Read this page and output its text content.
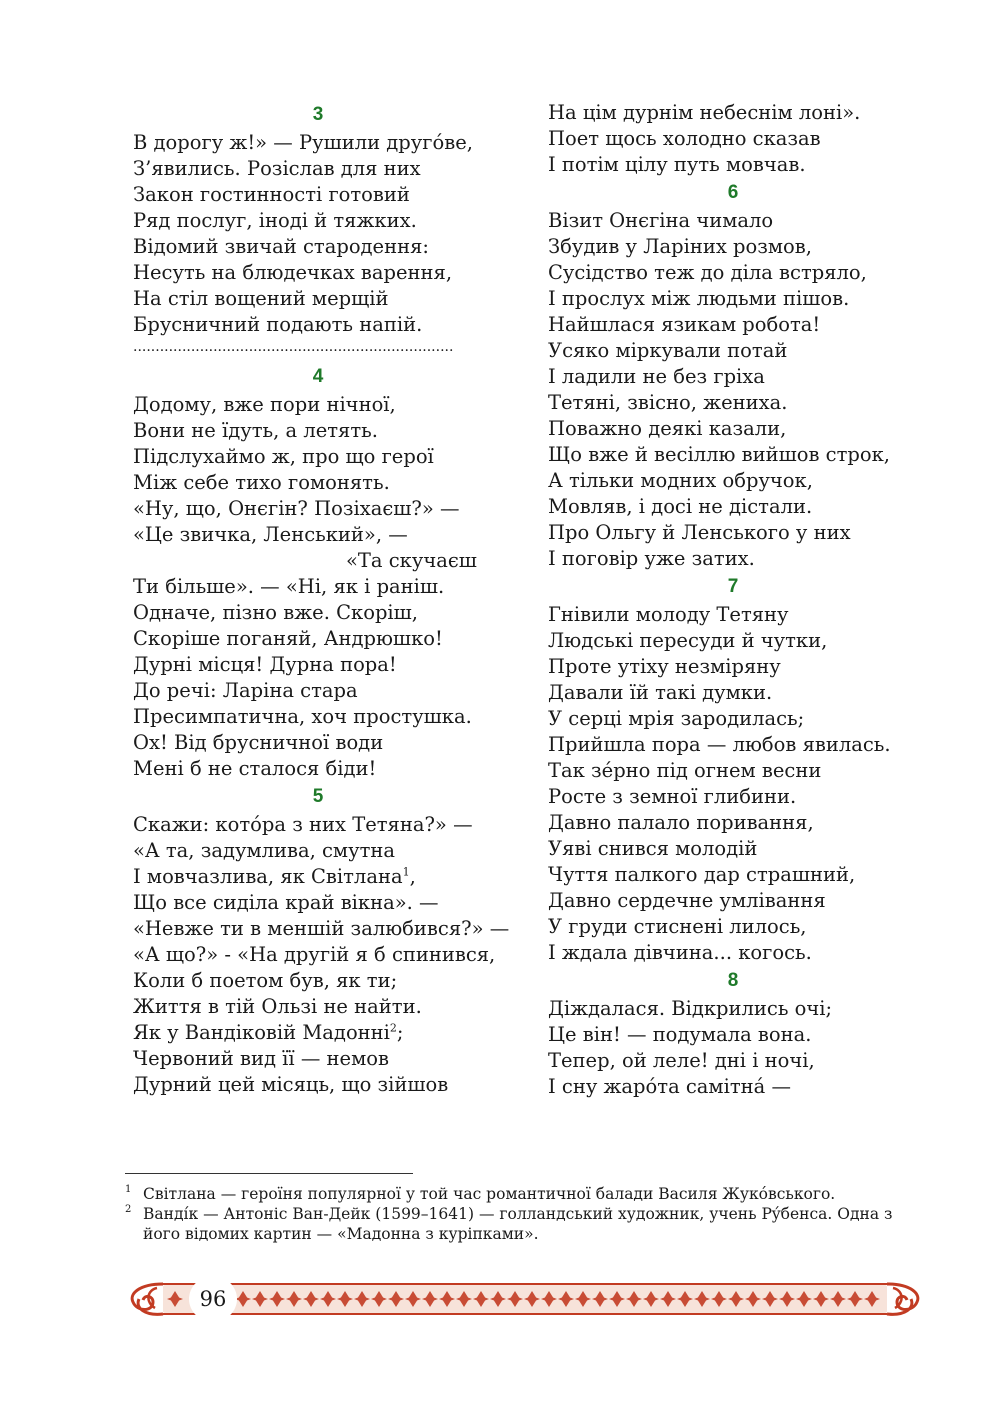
3
В дорогу ж!» — Рушили другóве,
З’явились. Розіслав для них
Закон гостинності готовий
Ряд послуг, іноді й тяжких.
Відомий звичай стародення:
Несуть на блюдечках варення,
На стіл вощений мерщій
Брусничний подають напій.
........................................................................
4
Додому, вже пори нічної,
Вони не їдуть, а летять.
Підслухаймо ж, про що герої
Між себе тихо гомонять.
«Ну, що, Онєгін? Позіхаєш?» —
«Це звичка, Ленський», —
«Та скучаєш
Ти більше». — «Ні, як і раніш.
Одначе, пізно вже. Скоріш,
Скоріше поганяй, Андрюшко!
Дурні місця! Дурна пора!
До речі: Ларіна стара
Пресимпатична, хоч простушка.
Ох! Від брусничної води
Мені б не сталося біди!
5
Скажи: котóра з них Тетяна?» —
«А та, задумлива, смутна
І мовчазлива, як Світлана$^1$,
Що все сиділа край вікна». —
«Невже ти в меншій залюбився?» —
«А що?» - «На другій я б спинився,
Коли б поетом був, як ти;
Життя в тій Ользі не найти.
Як у Вандіковій Мадонні$^2$;
Червоний вид її — немов
Дурний цей місяць, що зійшов
На цім дурнім небеснім лоні».
Поет щось холодно сказав
І потім цілу путь мовчав.
6
Візит Онєгіна чимало
Збудив у Ларіних розмов,
Сусідство теж до діла встряло,
І прослух між людьми пішов.
Найшлася язикам робота!
Усяко міркували потай
І ладили не без гріха
Тетяні, звісно, жениха.
Поважно деякі казали,
Що вже й весіллю вийшов строк,
А тільки модних обручок,
Мовляв, і досі не дістали.
Про Ольгу й Ленського у них
І поговір уже затих.
7
Гнівили молоду Тетяну
Людські пересуди й чутки,
Проте утіху незміряну
Давали їй такі думки.
У серці мрія зародилась;
Прийшла пора — любов явилась.
Так зéрно під огнем весни
Росте з земної глибини.
Давно палало поривання,
Уяві снився молодій
Чуття палкого дар страшний,
Давно сердечне умлівання
У груди стиснені лилось,
І ждала дівчина... когось.
8
Діждалася. Відкрились очі;
Це він! — подумала вона.
Тепер, ой леле! дні і ночі,
І сну жарóта самітнá —
1 Світлана — героїня популярної у той час романтичної балади Василя Жукóвського.
2 Вандíк — Антоніс Ван-Дейк (1599–1641) — голландський художник, учень Рýбенса. Одна з його відомих картин — «Мадонна з куріпками».
96
